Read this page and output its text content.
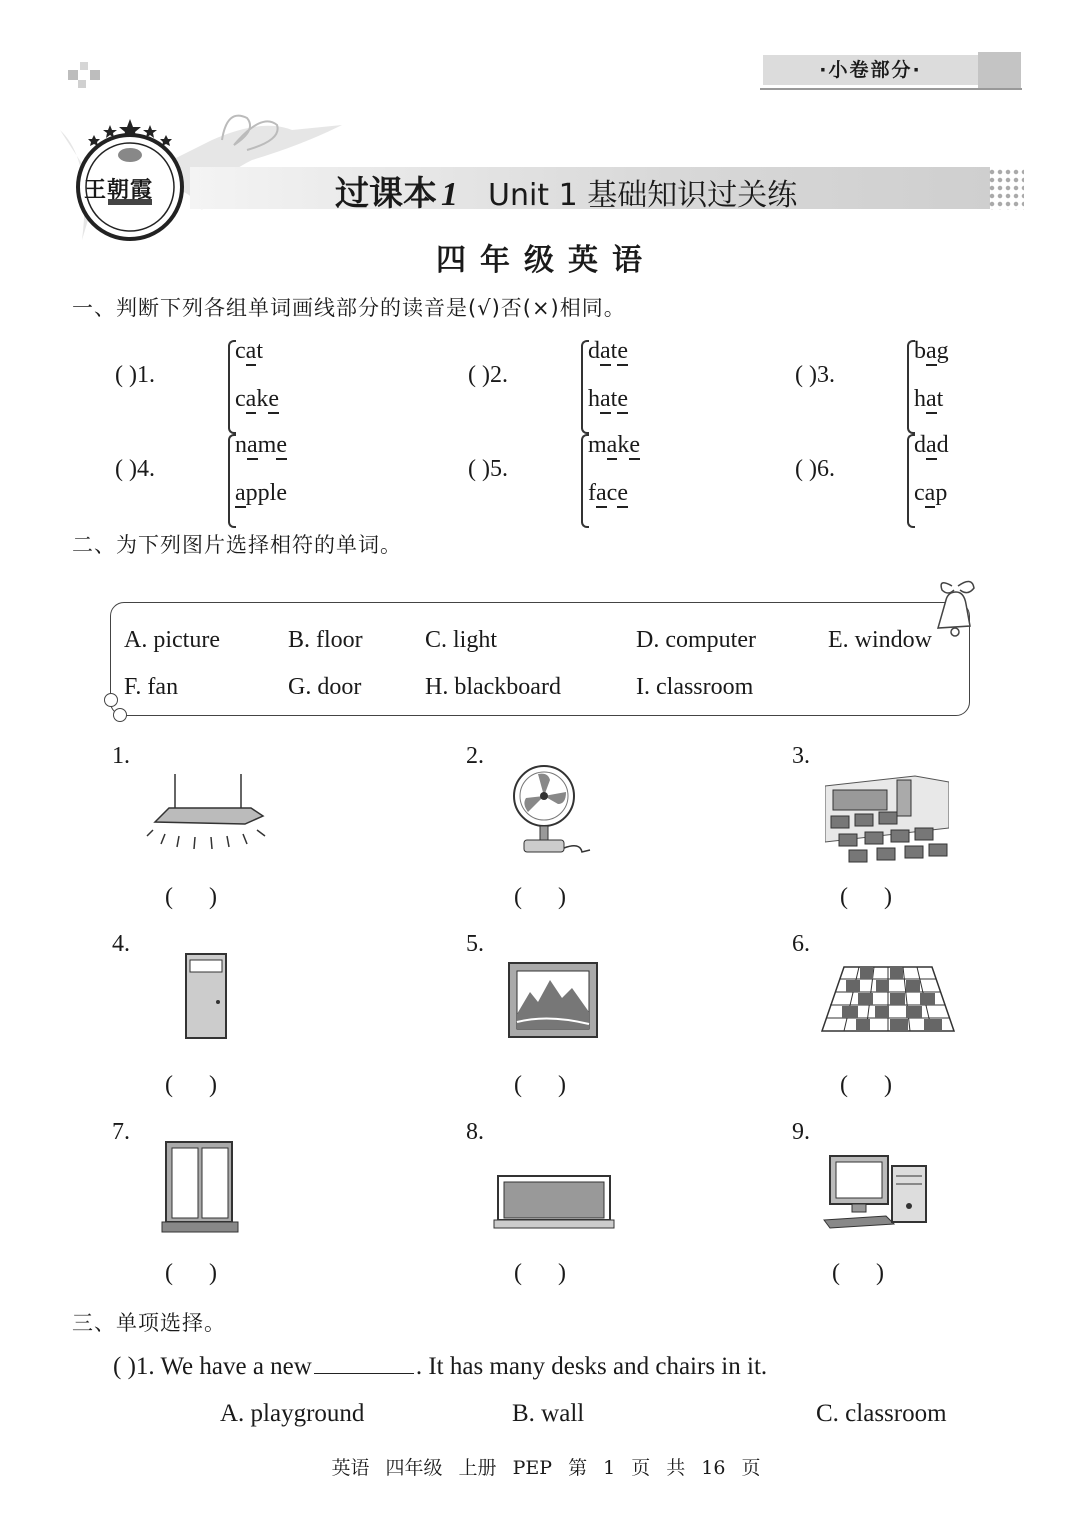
·小卷部分·
王朝霞	过课本 1 Unit 1 基础知识过关练
四年级英语
一、判断下列各组单词画线部分的读音是(√)否(×)相同。
( )1.
cat
cake
( )2.
date
hate
( )3.
bag
hat
( )4.
name
apple
( )5.
make
face
( )6.
dad
cap
二、为下列图片选择相符的单词。
A. picture	B. floor	C. light	D. computer	E. window
F. fan	G. door	H. blackboard	I. classroom
1.
(      )
2.
(      )
3.
(      )
4.
(      )
5.
(      )
6.
(      )
7.
(      )
8.
(      )
9.
(      )
三、单项选择。
( )1. We have a new	. It has many desks and chairs in it.
A. playground	B. wall	C. classroom
英语 四年级 上册 PEP 第 1 页 共 16 页
